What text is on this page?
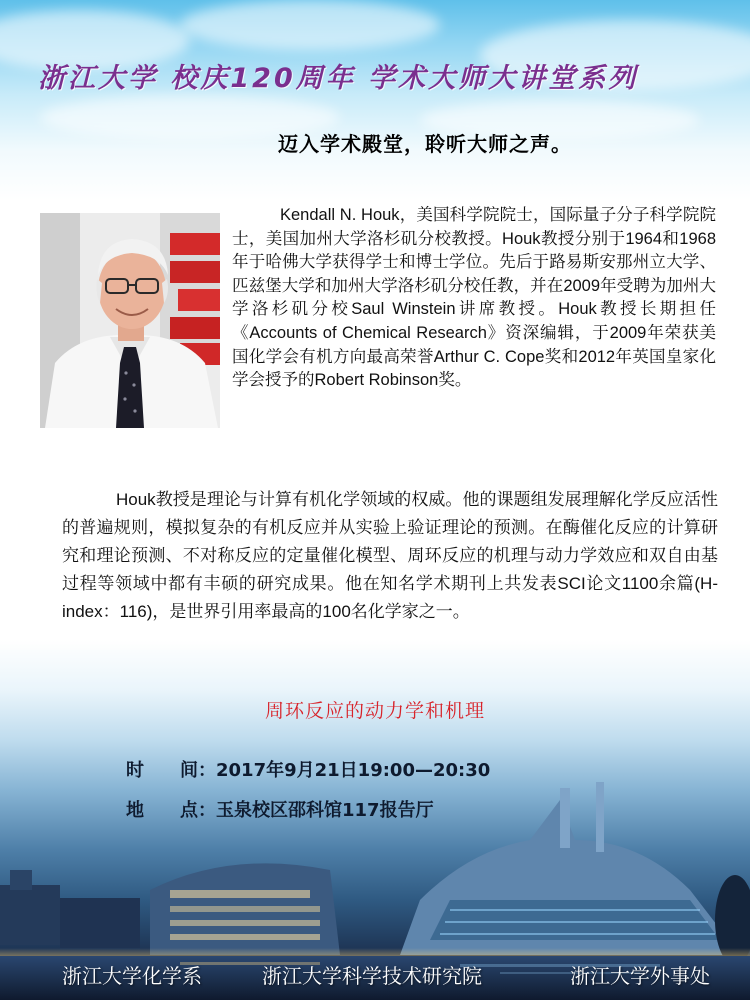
浙江大学 校庆120周年 学术大师大讲堂系列
迈入学术殿堂，聆听大师之声。
Kendall N. Houk，美国科学院院士，国际量子分子科学院院士，美国加州大学洛杉矶分校教授。Houk教授分别于1964和1968年于哈佛大学获得学士和博士学位。先后于路易斯安那州立大学、匹兹堡大学和加州大学洛杉矶分校任教，并在2009年受聘为加州大学洛杉矶分校Saul Winstein讲席教授。Houk教授长期担任《Accounts of Chemical Research》资深编辑，于2009年荣获美国化学会有机方向最高荣誉Arthur C. Cope奖和2012年英国皇家化学会授予的Robert Robinson奖。
Houk教授是理论与计算有机化学领域的权威。他的课题组发展理解化学反应活性的普遍规则，模拟复杂的有机反应并从实验上验证理论的预测。在酶催化反应的计算研究和理论预测、不对称反应的定量催化模型、周环反应的机理与动力学效应和双自由基过程等领域中都有丰硕的研究成果。他在知名学术期刊上共发表SCI论文1100余篇(H-index：116)，是世界引用率最高的100名化学家之一。
周环反应的动力学和机理
时　　间：2017年9月21日19:00—20:30
地　　点：玉泉校区邵科馆117报告厅
浙江大学化学系	浙江大学科学技术研究院	浙江大学外事处
